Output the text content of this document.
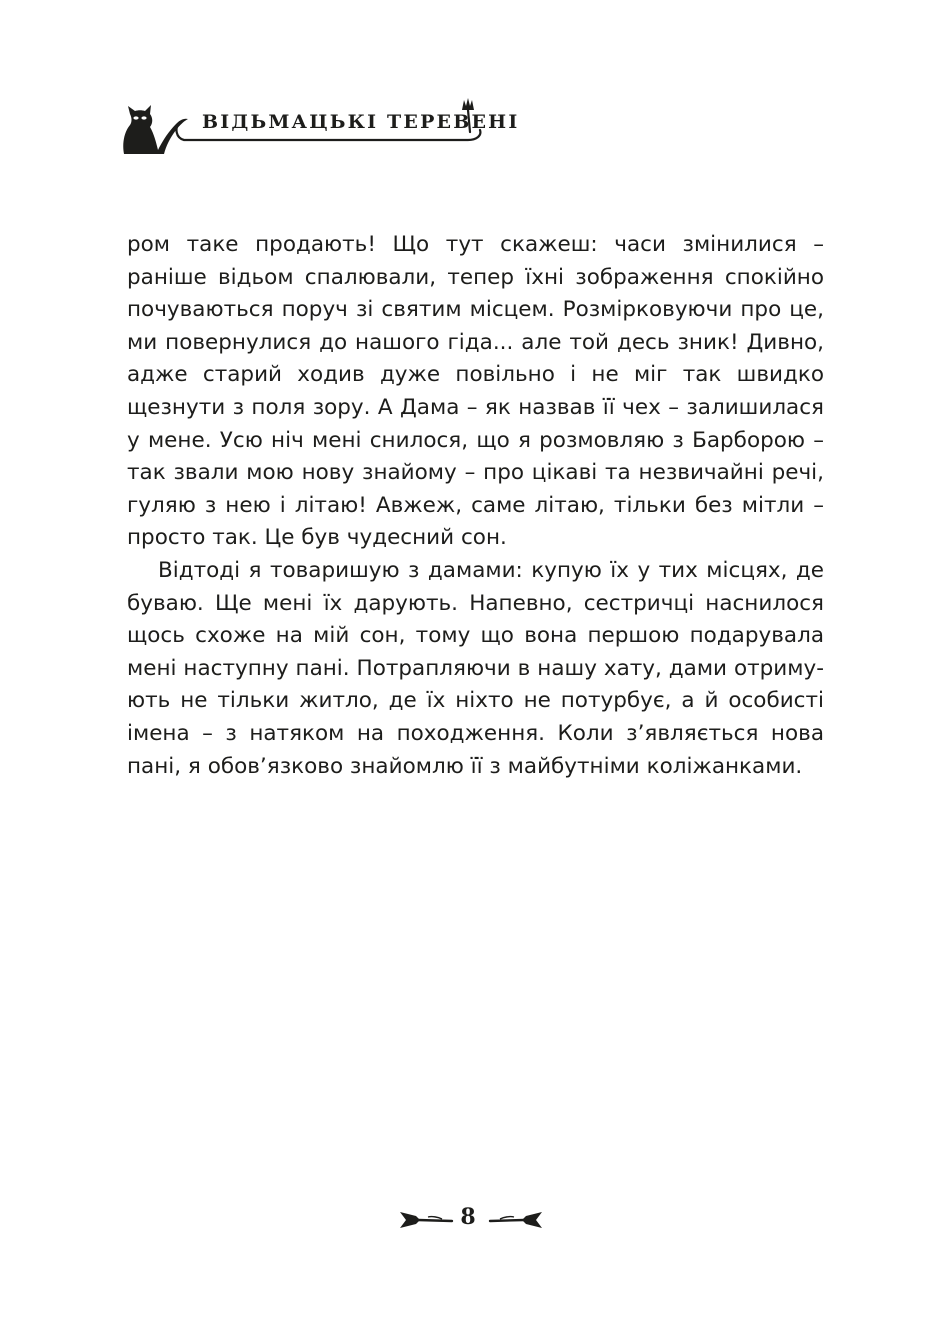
ВІДЬМАЦЬКІ ТЕРЕВЕНІ

ром таке продають! Що тут скажеш: часи змінилися – раніше відьом спалювали, тепер їхні зображення спокійно почуваються поруч зі святим місцем. Розмірковуючи про це, ми повернулися до нашого гіда... але той десь зник! Дивно, адже старий ходив дуже повільно і не міг так швидко щезнути з поля зору. А Дама – як назвав її чех – залишилася у мене. Усю ніч мені снилося, що я розмовляю з Барборою – так звали мою нову знайому – про цікаві та незвичайні речі, гуляю з нею і літаю! Авжеж, саме літаю, тільки без мітли – просто так. Це був чудесний сон.

Відтоді я товаришую з дамами: купую їх у тих місцях, де буваю. Ще мені їх дарують. Напевно, сестричці наснилося щось схоже на мій сон, тому що вона першою подарувала мені наступну пані. Потрапляючи в нашу хату, дами отримують не тільки житло, де їх ніхто не потурбує, а й особисті імена – з натяком на походження. Коли з’являється нова пані, я обов’язково знайомлю її з майбутніми коліжанками.

8
